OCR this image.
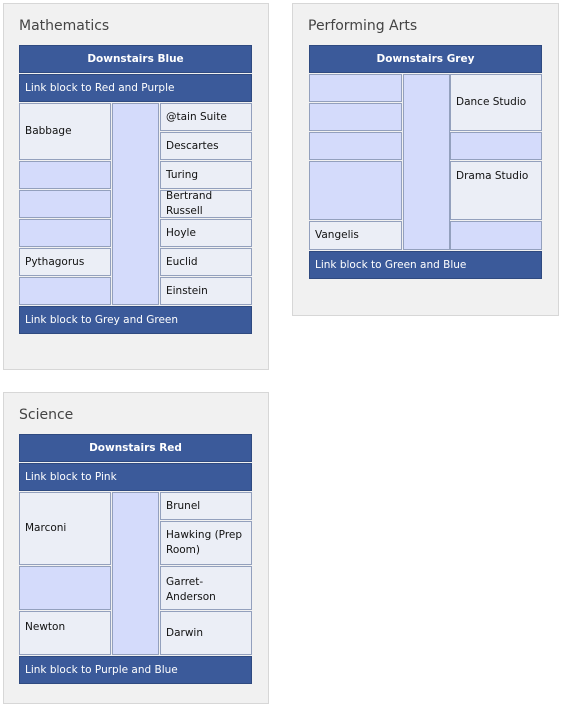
Mathematics
Downstairs Blue
Link block to Red and Purple
Babbage
Pythagorus
@tain Suite
Descartes
Turing
Bertrand Russell
Hoyle
Euclid
Einstein
Link block to Grey and Green
Performing Arts
Downstairs Grey
Vangelis
Dance Studio
Drama Studio
Link block to Green and Blue
Science
Downstairs Red
Link block to Pink
Marconi
Newton
Brunel
Hawking (Prep Room)
Garret-Anderson
Darwin
Link block to Purple and Blue
